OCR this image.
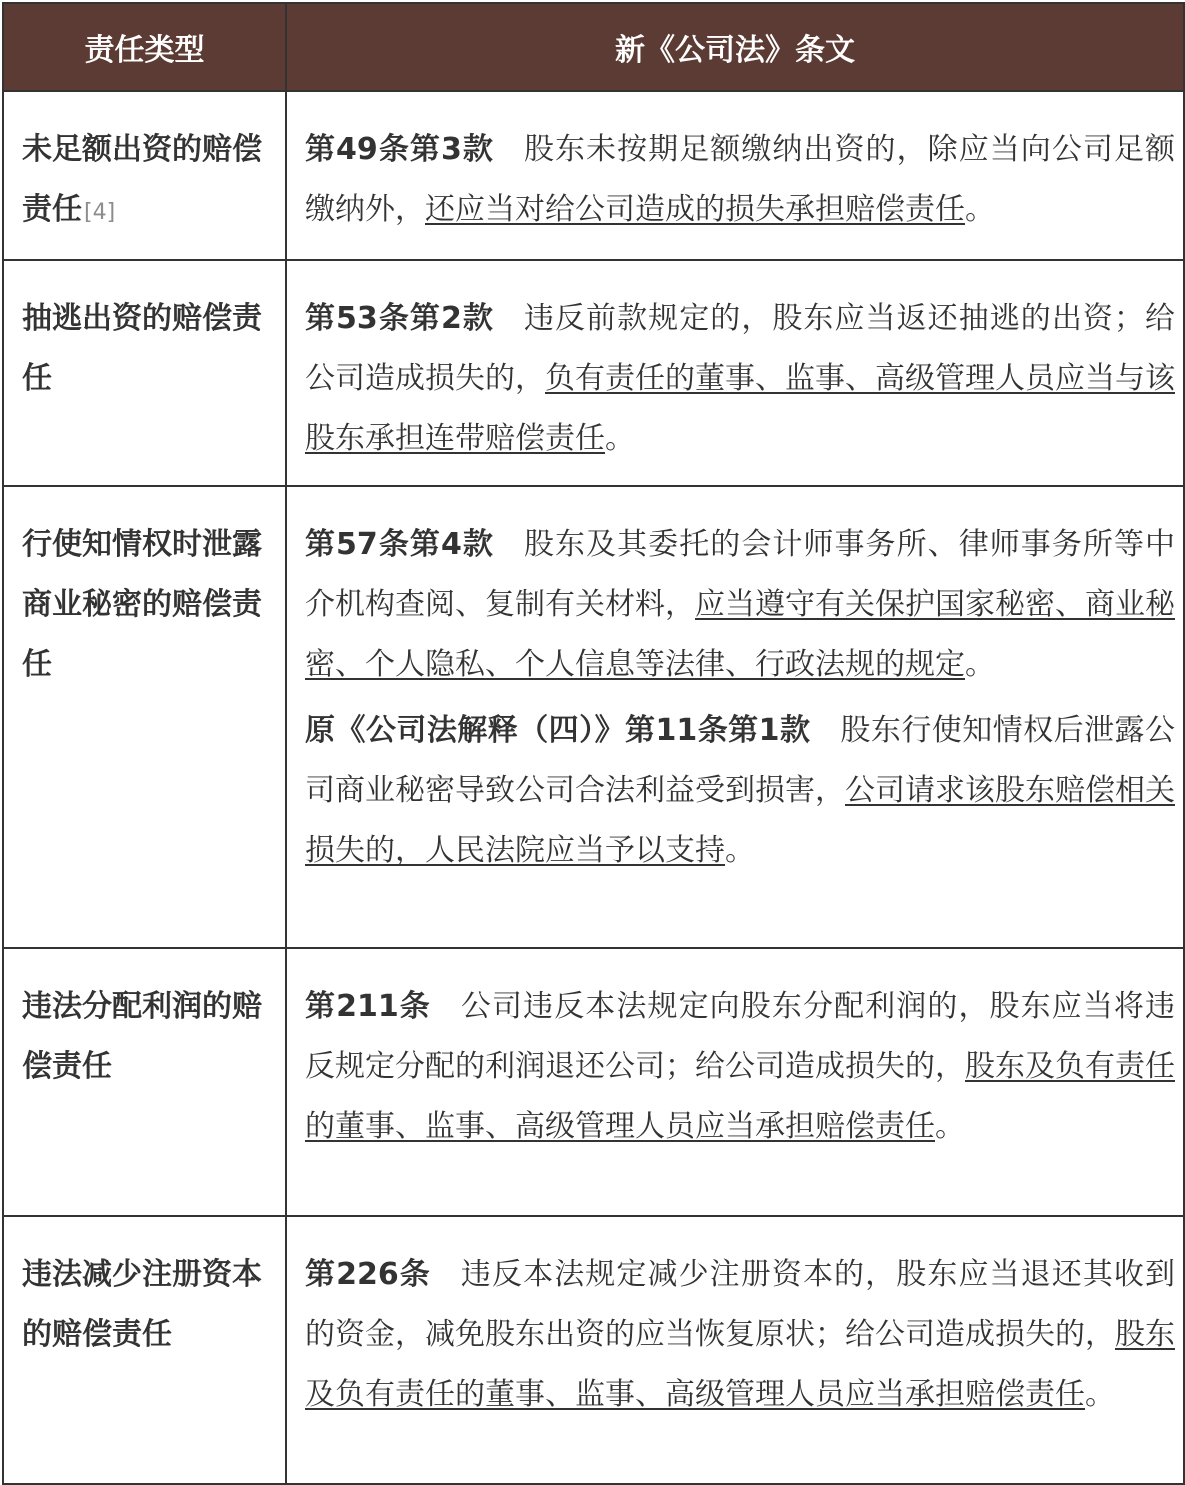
责任类型	新《公司法》条文
未足额出资的赔偿责任[4]	第49条第3款 股东未按期足额缴纳出资的，除应当向公司足额缴纳外，还应当对给公司造成的损失承担赔偿责任。

抽逃出资的赔偿责任	第53条第2款 违反前款规定的，股东应当返还抽逃的出资；给公司造成损失的，负有责任的董事、监事、高级管理人员应当与该股东承担连带赔偿责任。

行使知情权时泄露商业秘密的赔偿责任	第57条第4款 股东及其委托的会计师事务所、律师事务所等中介机构查阅、复制有关材料，应当遵守有关保护国家秘密、商业秘密、个人隐私、个人信息等法律、行政法规的规定。

原《公司法解释（四）》第11条第1款 股东行使知情权后泄露公司商业秘密导致公司合法利益受到损害，公司请求该股东赔偿相关损失的，人民法院应当予以支持。

违法分配利润的赔偿责任	第211条 公司违反本法规定向股东分配利润的，股东应当将违反规定分配的利润退还公司；给公司造成损失的，股东及负有责任的董事、监事、高级管理人员应当承担赔偿责任。

违法减少注册资本的赔偿责任	第226条 违反本法规定减少注册资本的，股东应当退还其收到的资金，减免股东出资的应当恢复原状；给公司造成损失的，股东及负有责任的董事、监事、高级管理人员应当承担赔偿责任。
